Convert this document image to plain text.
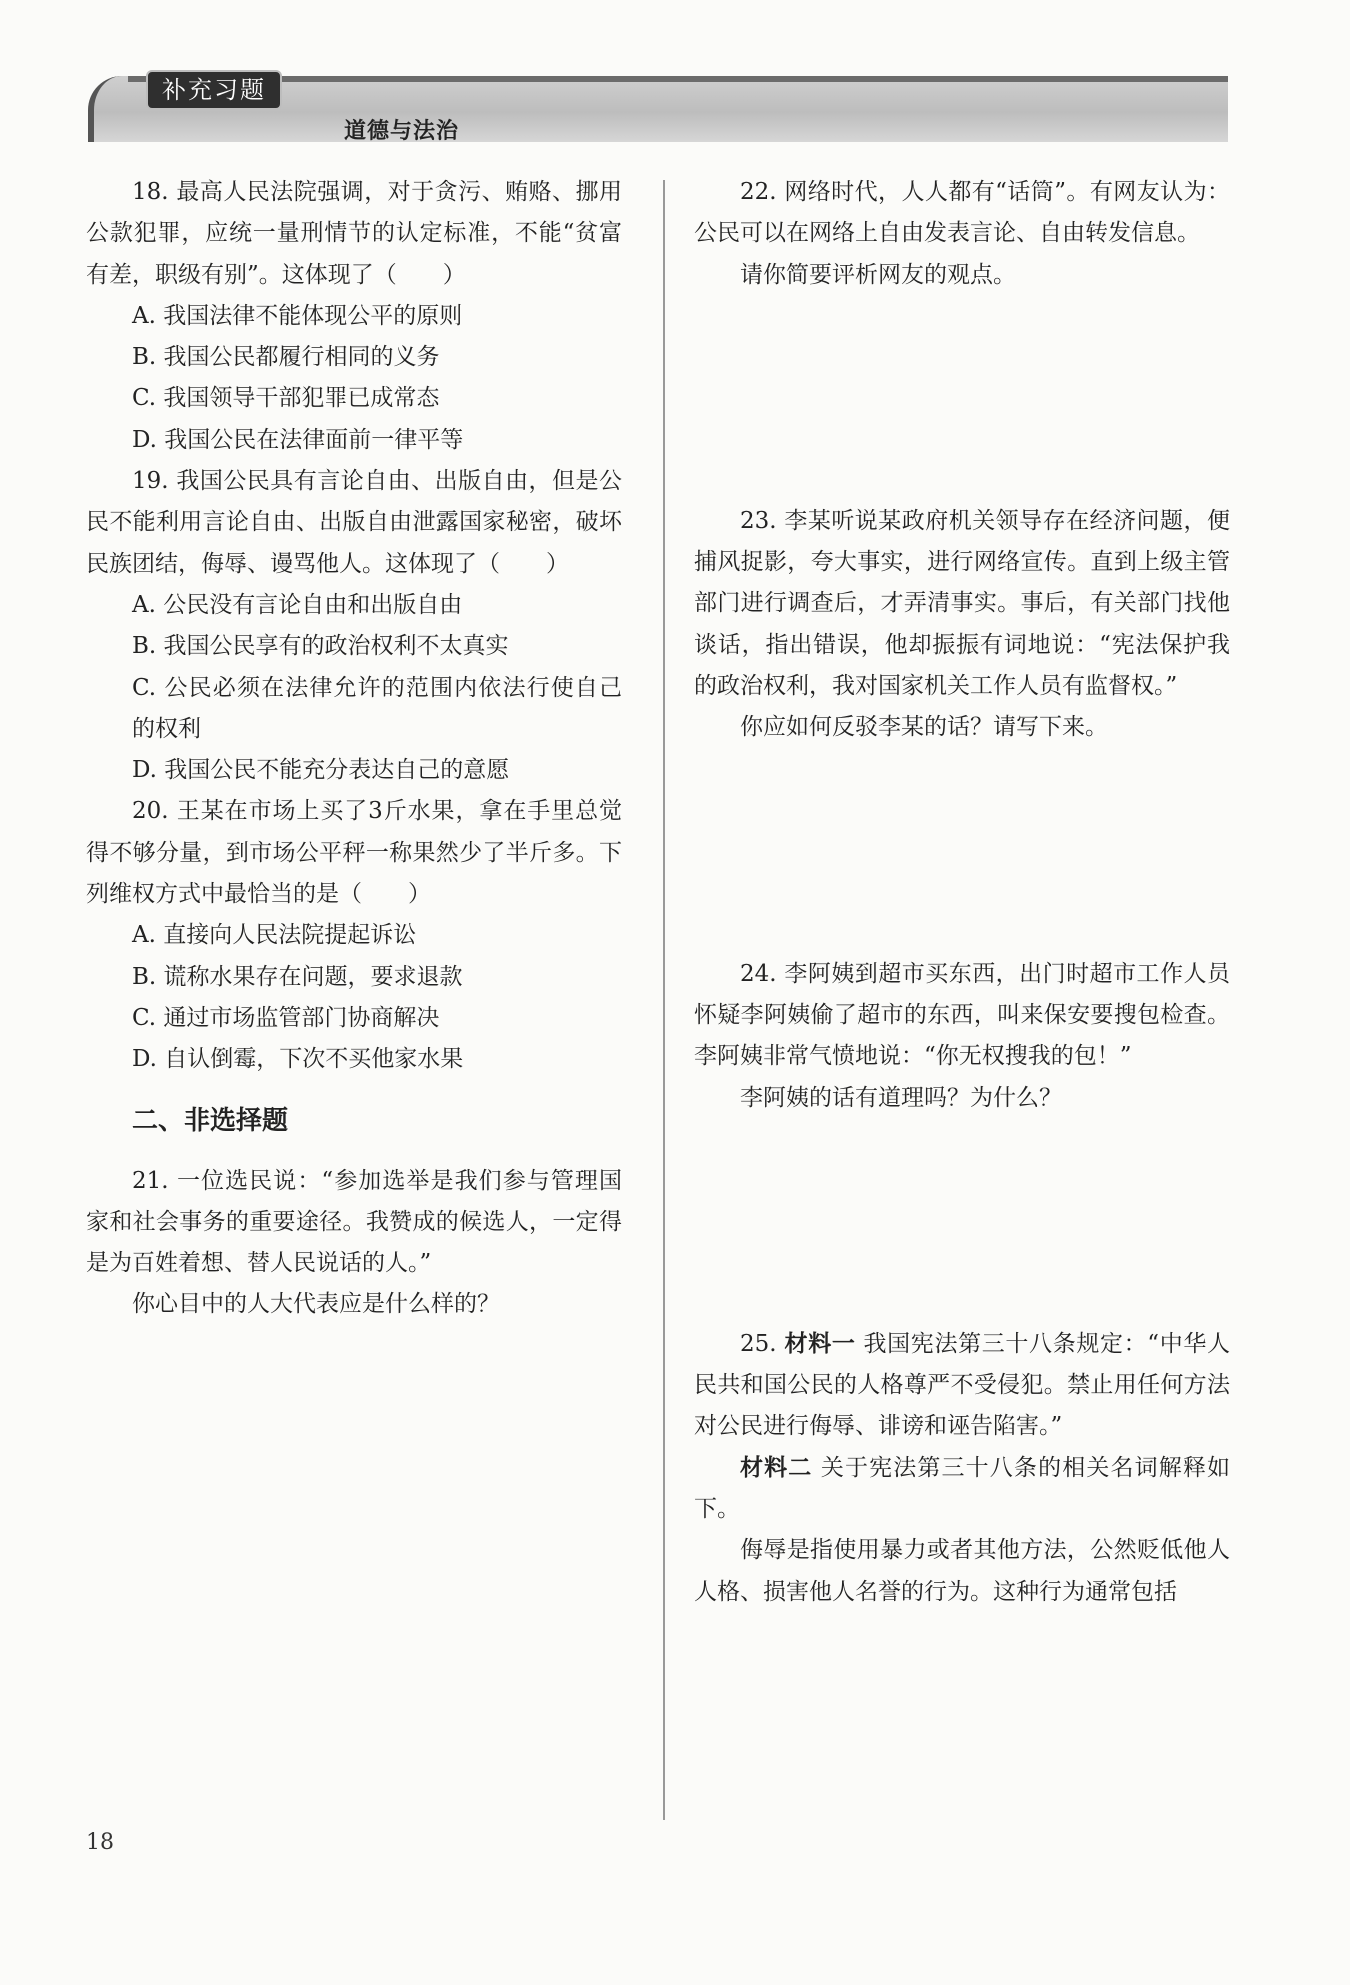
补充习题
道德与法治

18. 最高人民法院强调，对于贪污、贿赂、挪用公款犯罪，应统一量刑情节的认定标准，不能“贫富有差，职级有别”。这体现了（　　）

A. 我国法律不能体现公平的原则

B. 我国公民都履行相同的义务

C. 我国领导干部犯罪已成常态

D. 我国公民在法律面前一律平等

19. 我国公民具有言论自由、出版自由，但是公民不能利用言论自由、出版自由泄露国家秘密，破坏民族团结，侮辱、谩骂他人。这体现了（　　）

A. 公民没有言论自由和出版自由

B. 我国公民享有的政治权利不太真实

C. 公民必须在法律允许的范围内依法行使自己的权利

D. 我国公民不能充分表达自己的意愿

20. 王某在市场上买了3斤水果，拿在手里总觉得不够分量，到市场公平秤一称果然少了半斤多。下列维权方式中最恰当的是（　　）

A. 直接向人民法院提起诉讼

B. 谎称水果存在问题，要求退款

C. 通过市场监管部门协商解决

D. 自认倒霉，下次不买他家水果

二、非选择题

21. 一位选民说：“参加选举是我们参与管理国家和社会事务的重要途径。我赞成的候选人，一定得是为百姓着想、替人民说话的人。”

你心目中的人大代表应是什么样的？

22. 网络时代，人人都有“话筒”。有网友认为：公民可以在网络上自由发表言论、自由转发信息。

请你简要评析网友的观点。

23. 李某听说某政府机关领导存在经济问题，便捕风捉影，夸大事实，进行网络宣传。直到上级主管部门进行调查后，才弄清事实。事后，有关部门找他谈话，指出错误，他却振振有词地说：“宪法保护我的政治权利，我对国家机关工作人员有监督权。”

你应如何反驳李某的话？请写下来。

24. 李阿姨到超市买东西，出门时超市工作人员怀疑李阿姨偷了超市的东西，叫来保安要搜包检查。李阿姨非常气愤地说：“你无权搜我的包！”

李阿姨的话有道理吗？为什么？

25. 材料一 我国宪法第三十八条规定：“中华人民共和国公民的人格尊严不受侵犯。禁止用任何方法对公民进行侮辱、诽谤和诬告陷害。”

材料二 关于宪法第三十八条的相关名词解释如下。

侮辱是指使用暴力或者其他方法，公然贬低他人人格、损害他人名誉的行为。这种行为通常包括

18
